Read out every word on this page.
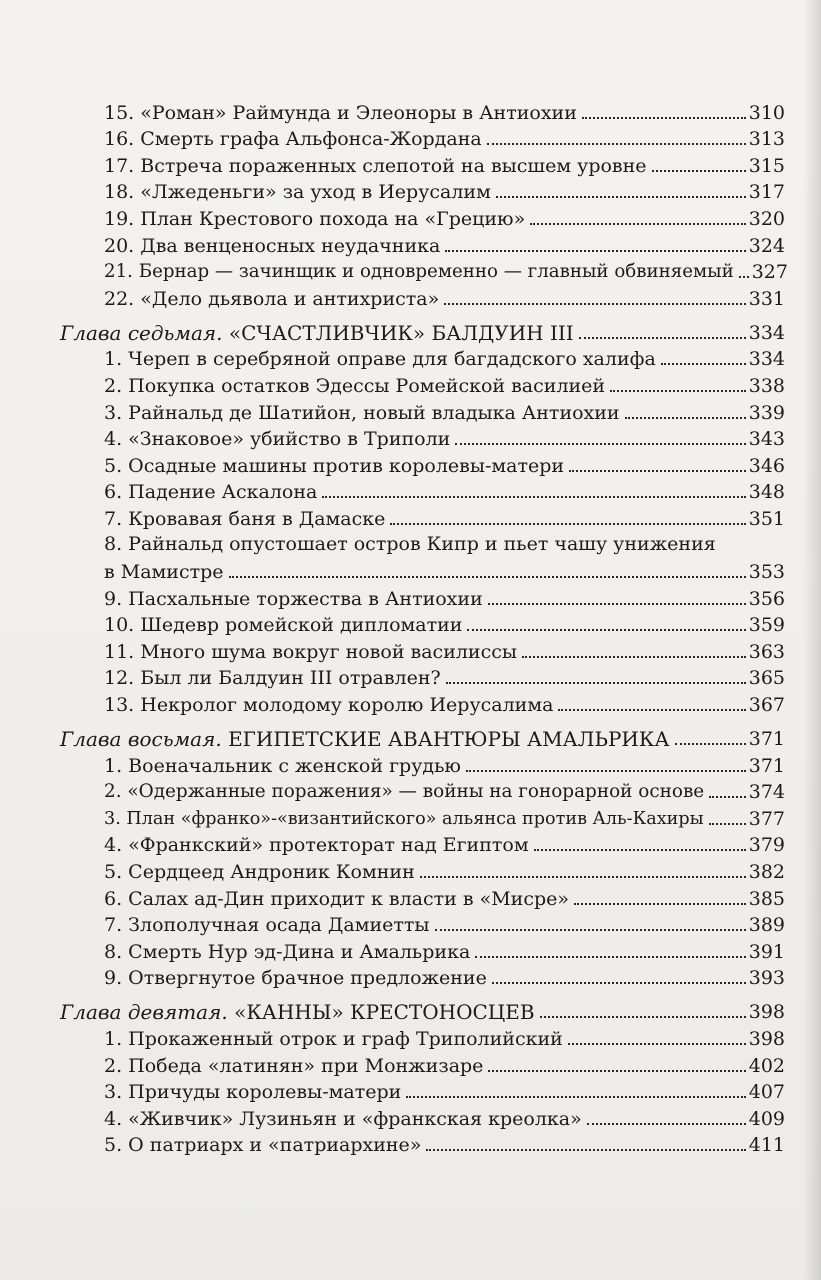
15. «Роман» Раймунда и Элеоноры в Антиохии	310
16. Смерть графа Альфонса-Жордана	313
17. Встреча пораженных слепотой на высшем уровне	315
18. «Лжеденьги» за уход в Иерусалим	317
19. План Крестового похода на «Грецию»	320
20. Два венценосных неудачника	324
21. Бернар — зачинщик и одновременно — главный обвиняемый 327
22. «Дело дьявола и антихриста»	331
Глава седьмая. «СЧАСТЛИВЧИК» БАЛДУИН III	334
1. Череп в серебряной оправе для багдадского халифа	334
2. Покупка остатков Эдессы Ромейской василией	338
3. Райнальд де Шатийон, новый владыка Антиохии	339
4. «Знаковое» убийство в Триполи	343
5. Осадные машины против королевы-матери	346
6. Падение Аскалона	348
7. Кровавая баня в Дамаске	351
8. Райнальд опустошает остров Кипр и пьет чашу унижения
в Мамистре	353
9. Пасхальные торжества в Антиохии	356
10. Шедевр ромейской дипломатии	359
11. Много шума вокруг новой василиссы	363
12. Был ли Балдуин III отравлен?	365
13. Некролог молодому королю Иерусалима	367
Глава восьмая. ЕГИПЕТСКИЕ АВАНТЮРЫ АМАЛЬРИКА	371
1. Военачальник с женской грудью	371
2. «Одержанные поражения» — войны на гонорарной основе 374
3. План «франко»-«византийского» альянса против Аль-Кахиры 377
4. «Франкский» протекторат над Египтом	379
5. Сердцеед Андроник Комнин	382
6. Салах ад-Дин приходит к власти в «Мисре»	385
7. Злополучная осада Дамиетты	389
8. Смерть Нур эд-Дина и Амальрика	391
9. Отвергнутое брачное предложение	393
Глава девятая. «КАННЫ» КРЕСТОНОСЦЕВ	398
1. Прокаженный отрок и граф Триполийский	398
2. Победа «латинян» при Монжизаре	402
3. Причуды королевы-матери	407
4. «Живчик» Лузиньян и «франкская креолка»	409
5. О патриарх и «патриархине»	411
